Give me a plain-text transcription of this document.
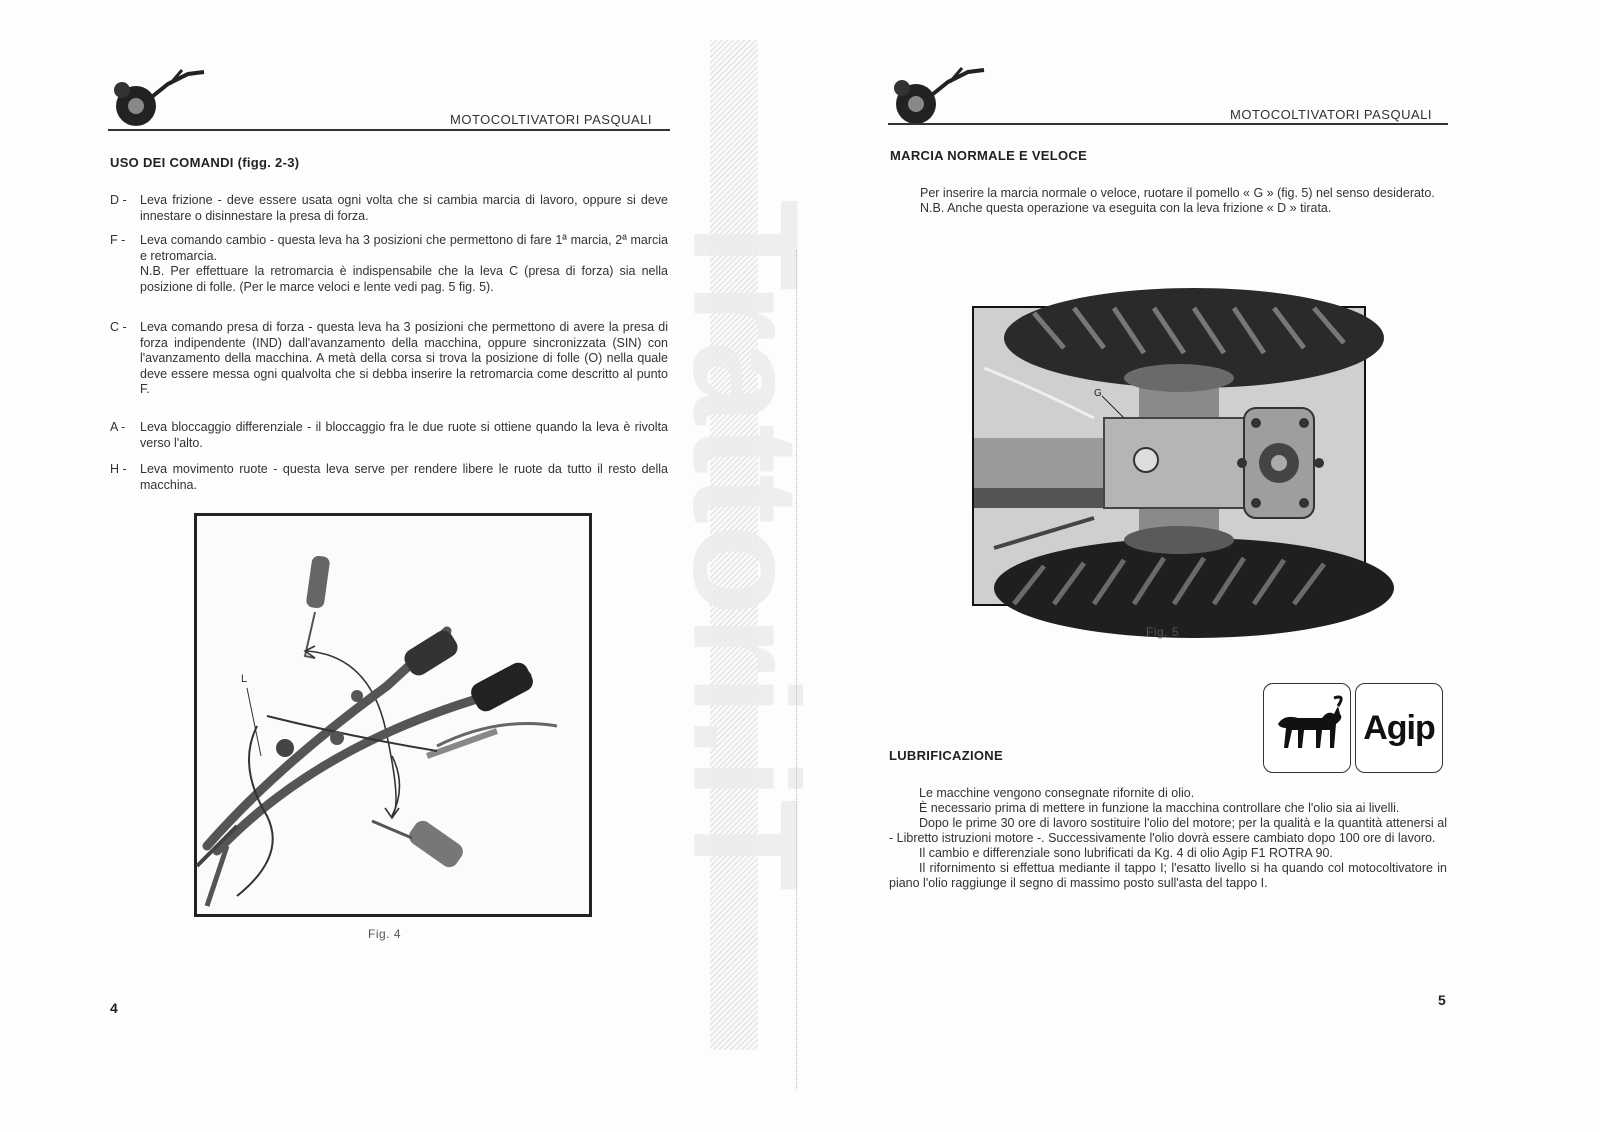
MOTOCOLTIVATORI PASQUALI
USO DEI COMANDI (figg. 2-3)
D - Leva frizione - deve essere usata ogni volta che si cambia marcia di lavoro, oppure si deve innestare o disinnestare la presa di forza.
F - Leva comando cambio - questa leva ha 3 posizioni che permettono di fare 1ª marcia, 2ª marcia e retromarcia.
N.B. Per effettuare la retromarcia è indispensabile che la leva C (presa di forza) sia nella posizione di folle. (Per le marce veloci e lente vedi pag. 5 fig. 5).
C - Leva comando presa di forza - questa leva ha 3 posizioni che permettono di avere la presa di forza indipendente (IND) dall'avanzamento della macchina, oppure sincronizzata (SIN) con l'avanzamento della macchina. A metà della corsa si trova la posizione di folle (O) nella quale deve essere messa ogni qualvolta che si debba inserire la retromarcia come descritto al punto F.
A - Leva bloccaggio differenziale - il bloccaggio fra le due ruote si ottiene quando la leva è rivolta verso l'alto.
H - Leva movimento ruote - questa leva serve per rendere libere le ruote da tutto il resto della macchina.
L
Fig. 4
4
Trattori.iT
MOTOCOLTIVATORI PASQUALI
MARCIA NORMALE E VELOCE

Per inserire la marcia normale o veloce, ruotare il pomello « G » (fig. 5) nel senso desiderato.

N.B. Anche questa operazione va eseguita con la leva frizione « D » tirata.

G
Fig. 5
Agip
LUBRIFICAZIONE

Le macchine vengono consegnate rifornite di olio.

È necessario prima di mettere in funzione la macchina controllare che l'olio sia ai livelli.

Dopo le prime 30 ore di lavoro sostituire l'olio del motore; per la qualità e la quantità attenersi al - Libretto istruzioni motore -. Successivamente l'olio dovrà essere cambiato dopo 100 ore di lavoro.

Il cambio e differenziale sono lubrificati da Kg. 4 di olio Agip F1 ROTRA 90.

Il rifornimento si effettua mediante il tappo I; l'esatto livello si ha quando col motocoltivatore in piano l'olio raggiunge il segno di massimo posto sull'asta del tappo I.

5
